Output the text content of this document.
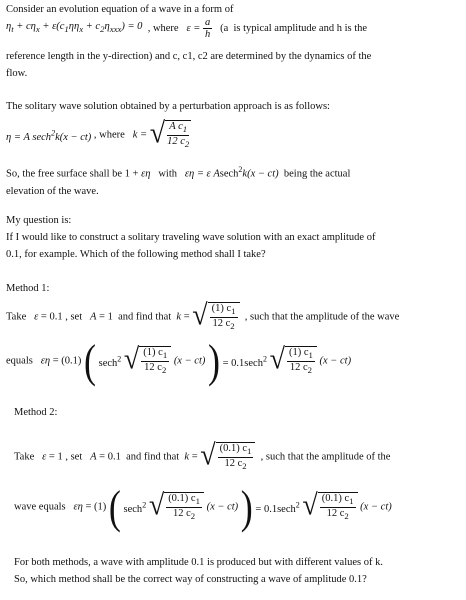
Consider an evolution equation of a wave in a form of
$\eta_t + c\eta_x + \varepsilon(c_1\eta\eta_x + c_2\eta_{xxx}) = 0$  , where   $\varepsilon = \frac{a}{h} (a$  is typical amplitude and h is the
reference length in the y-direction) and c, c1, c2 are determined by the dynamics of the
flow.
The solitary wave solution obtained by a perturbation approach is as follows:
η = A sech$^2$k(x − ct) , where   k = √ $\frac{A c_1}{12 c_2}$
So, the free surface shall be 1 + εη   with   εη = ε Asech$^2$k(x − ct)  being the actual
elevation of the wave.
My question is:
If I would like to construct a solitary traveling wave solution with an exact amplitude of
0.1, for example. Which of the following method shall I take?
Method 1:
Take   ε = 0.1 , set   A = 1  and find that  k = √ $\frac{(1) c_1}{12 c_2}$ , such that the amplitude of the wave
equals   εη = (0.1) ( sech$^2$ √ $\frac{(1) c_1}{12 c_2} (x - ct)$ ) = 0.1sech$^2$ √ $\frac{(1) c_1}{12 c_2} (x - ct)$
Method 2:
Take   ε = 1 , set   A = 0.1  and find that  k = √ $\frac{(0.1) c_1}{12 c_2}$ , such that the amplitude of the
wave equals   εη = (1) ( sech$^2$ √ $\frac{(0.1) c_1}{12 c_2} (x - ct)$ ) = 0.1sech$^2$ √ $\frac{(0.1) c_1}{12 c_2} (x - ct)$
For both methods, a wave with amplitude 0.1 is produced but with different values of k.
So, which method shall be the correct way of constructing a wave of amplitude 0.1?
